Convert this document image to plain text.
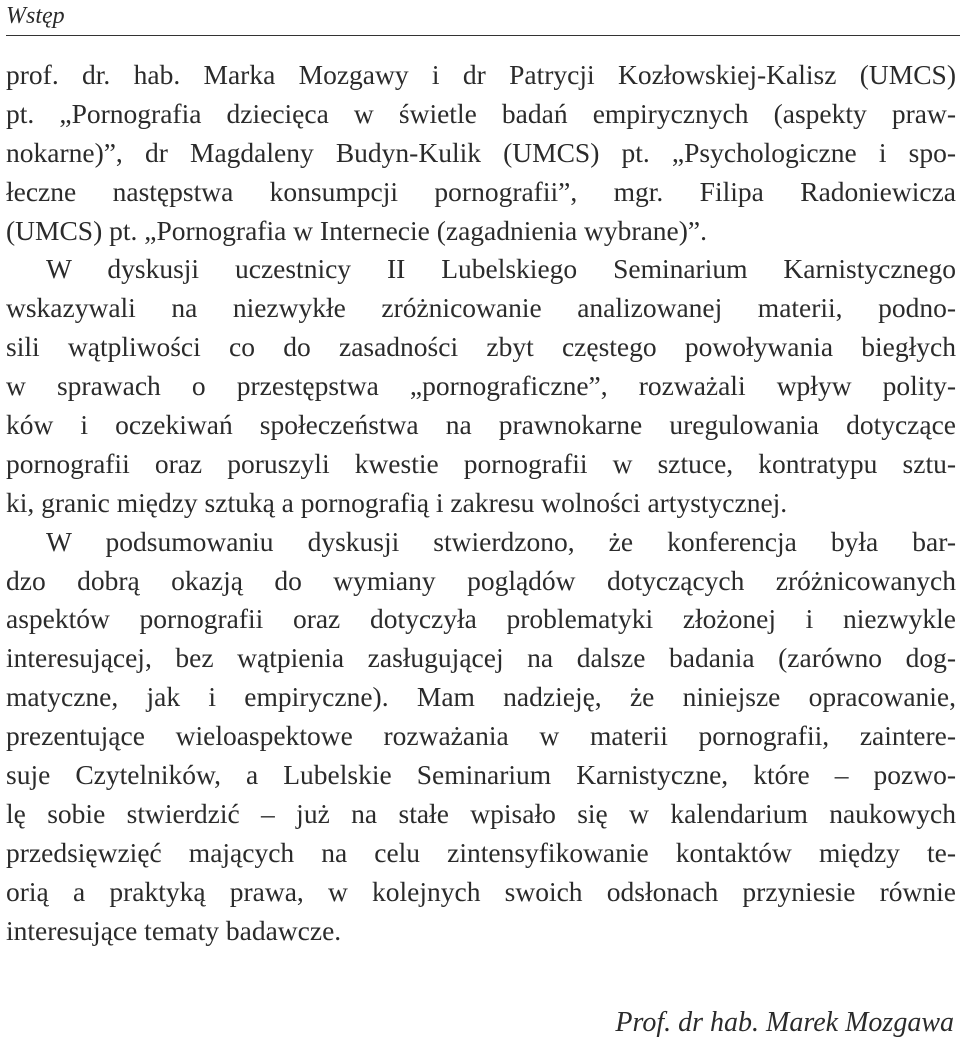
Wstęp
prof. dr. hab. Marka Mozgawy i dr Patrycji Kozłowskiej-Kalisz (UMCS)
pt. „Pornografia dziecięca w świetle badań empirycznych (aspekty praw-
nokarne)”, dr Magdaleny Budyn-Kulik (UMCS) pt. „Psychologiczne i spo-
łeczne następstwa konsumpcji pornografii”, mgr. Filipa Radoniewicza
(UMCS) pt. „Pornografia w Internecie (zagadnienia wybrane)”.
W dyskusji uczestnicy II Lubelskiego Seminarium Karnistycznego
wskazywali na niezwykłe zróżnicowanie analizowanej materii, podno-
sili wątpliwości co do zasadności zbyt częstego powoływania biegłych
w sprawach o przestępstwa „pornograficzne”, rozważali wpływ polity-
ków i oczekiwań społeczeństwa na prawnokarne uregulowania dotyczące
pornografii oraz poruszyli kwestie pornografii w sztuce, kontratypu sztu-
ki, granic między sztuką a pornografią i zakresu wolności artystycznej.
W podsumowaniu dyskusji stwierdzono, że konferencja była bar-
dzo dobrą okazją do wymiany poglądów dotyczących zróżnicowanych
aspektów pornografii oraz dotyczyła problematyki złożonej i niezwykle
interesującej, bez wątpienia zasługującej na dalsze badania (zarówno dog-
matyczne, jak i empiryczne). Mam nadzieję, że niniejsze opracowanie,
prezentujące wieloaspektowe rozważania w materii pornografii, zaintere-
suje Czytelników, a Lubelskie Seminarium Karnistyczne, które – pozwo-
lę sobie stwierdzić – już na stałe wpisało się w kalendarium naukowych
przedsięwzięć mających na celu zintensyfikowanie kontaktów między te-
orią a praktyką prawa, w kolejnych swoich odsłonach przyniesie równie
interesujące tematy badawcze.
Prof. dr hab. Marek Mozgawa
